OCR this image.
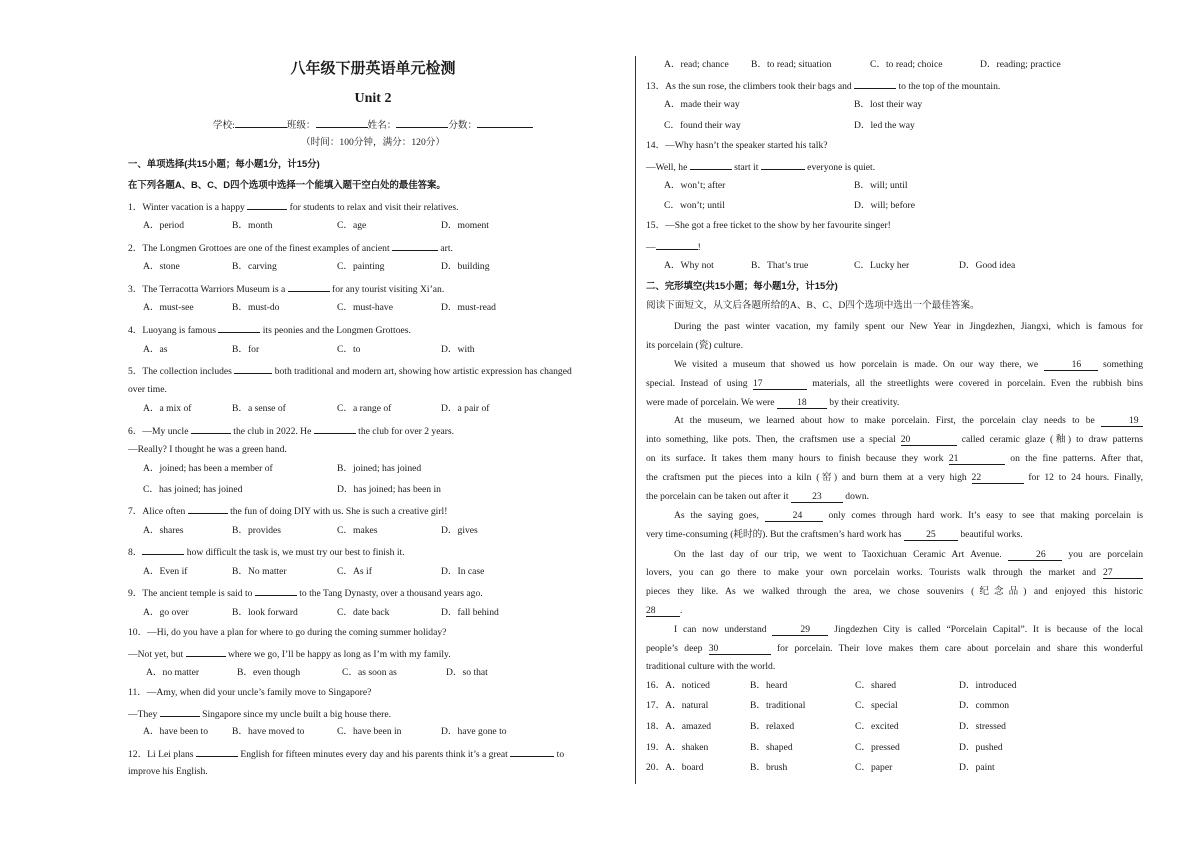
八年级下册英语单元检测
Unit 2
学校:	班级：	姓名：	分数：
（时间：100分钟，满分：120分）
一、单项选择(共15小题；每小题1分，计15分)
在下列各题A、B、C、D四个选项中选择一个能填入题干空白处的最佳答案。
1．Winter vacation is a happy	for students to relax and visit their relatives.
A．period	B．month	C．age	D．moment
2．The Longmen Grottoes are one of the finest examples of ancient	art.
A．stone	B．carving	C．painting	D．building
3．The Terracotta Warriors Museum is a	for any tourist visiting Xi’an.
A．must-see	B．must-do	C．must-have	D．must-read
4．Luoyang is famous	its peonies and the Longmen Grottoes.
A．as	B．for	C．to	D．with
5．The collection includes	both traditional and modern art, showing how artistic expression has changed
over time.
A．a mix of	B．a sense of	C．a range of	D．a pair of
6．—My uncle	the club in 2022. He	the club for over 2 years.
—Really? I thought he was a green hand.
A．joined; has been a member of	B．joined; has joined
C．has joined; has joined	D．has joined; has been in
7．Alice often	the fun of doing DIY with us. She is such a creative girl!
A．shares	B．provides	C．makes	D．gives
8．	how difficult the task is, we must try our best to finish it.
A．Even if	B．No matter	C．As if	D．In case
9．The ancient temple is said to	to the Tang Dynasty, over a thousand years ago.
A．go over	B．look forward	C．date back	D．fall behind
10．—Hi, do you have a plan for where to go during the coming summer holiday?
—Not yet, but	where we go, I’ll be happy as long as I’m with my family.
A．no matter	B．even though	C．as soon as	D．so that
11．—Amy, when did your uncle’s family move to Singapore?
—They	Singapore since my uncle built a big house there.
A．have been to B．have moved to	C．have been in	D．have gone to
12．Li Lei plans	English for fifteen minutes every day and his parents think it’s a great	to
improve his English.
A．read; chance B．to read; situation	C．to read; choice	D．reading; practice
13．As the sun rose, the climbers took their bags and	to the top of the mountain.
A．made their way	B．lost their way
C．found their way	D．led the way
14．—Why hasn’t the speaker started his talk?
—Well, he	start it	everyone is quiet.
A．won’t; after	B．will; until
C．won’t; until	D．will; before
15．—She got a free ticket to the show by her favourite singer!
—	!
A．Why not	B．That’s true	C．Lucky her	D．Good idea
二、完形填空(共15小题；每小题1分，计15分)
阅读下面短文，从文后各题所给的A、B、C、D四个选项中选出一个最佳答案。
During the past winter vacation, my family spent our New Year in Jingdezhen, Jiangxi, which is famous for
its porcelain (瓷) culture.
We visited a museum that showed us how porcelain is made. On our way there, we	16 something
special. Instead of using 17	materials, all the streetlights were covered in porcelain. Even the rubbish bins
were made of porcelain. We were 18 by their creativity.
At the museum, we learned about how to make porcelain. First, the porcelain clay needs to be	19
into something, like pots. Then, the craftsmen use a special 20	called ceramic glaze (釉) to draw patterns
on its surface. It takes them many hours to finish because they work 21	on the fine patterns. After that,
the craftsmen put the pieces into a kiln (窑) and burn them at a very high 22	for 12 to 24 hours. Finally,
the porcelain can be taken out after it 23 down.
As the saying goes,	24 only comes through hard work. It’s easy to see that making porcelain is
very time-consuming (耗时的). But the craftsmen’s hard work has 25 beautiful works.
On the last day of our trip, we went to Taoxichuan Ceramic Art Avenue.	26 you are porcelain
lovers, you can go there to make your own porcelain works. Tourists walk through the market and 27
pieces they like. As we walked through the area, we chose souvenirs (纪念品) and enjoyed this historic
28	.
I can now understand	29 Jingdezhen City is called “Porcelain Capital”. It is because of the local
people’s deep 30	for porcelain. Their love makes them care about porcelain and share this wonderful
traditional culture with the world.
16．A．noticed	B．heard	C．shared	D．introduced
17．A．natural	B．traditional	C．special	D．common
18．A．amazed	B．relaxed	C．excited	D．stressed
19．A．shaken	B．shaped	C．pressed	D．pushed
20．A．board	B．brush	C．paper	D．paint
